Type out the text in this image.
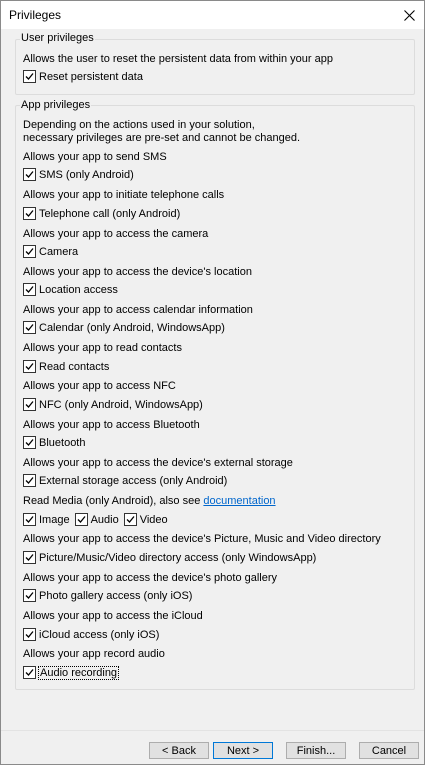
Privileges
User privileges
Allows the user to reset the persistent data from within your app
Reset persistent data
App privileges
Depending on the actions used in your solution,
necessary privileges are pre-set and cannot be changed.
Allows your app to send SMS
SMS (only Android)
Allows your app to initiate telephone calls
Telephone call (only Android)
Allows your app to access the camera
Camera
Allows your app to access the device's location
Location access
Allows your app to access calendar information
Calendar (only Android, WindowsApp)
Allows your app to read contacts
Read contacts
Allows your app to access NFC
NFC (only Android, WindowsApp)
Allows your app to access Bluetooth
Bluetooth
Allows your app to access the device's external storage
External storage access (only Android)
Read Media (only Android), also see documentation
Image Audio Video
Allows your app to access the device's Picture, Music and Video directory
Picture/Music/Video directory access (only WindowsApp)
Allows your app to access the device's photo gallery
Photo gallery access (only iOS)
Allows your app to access the iCloud
iCloud access (only iOS)
Allows your app record audio
Audio recording
< Back	Next >	Finish...	Cancel
